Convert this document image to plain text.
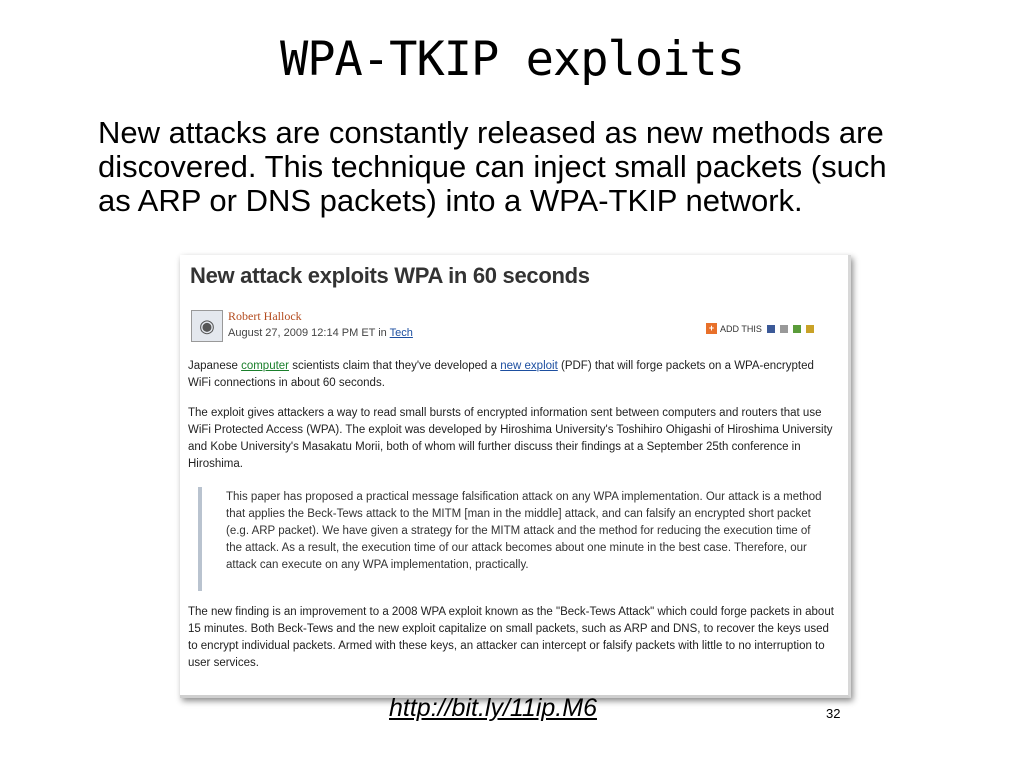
WPA-TKIP exploits
New attacks are constantly released as new methods are discovered. This technique can inject small packets (such as ARP or DNS packets) into a WPA-TKIP network.
New attack exploits WPA in 60 seconds
◉	Robert Hallock
August 27, 2009 12:14 PM ET in Tech	+ ADD THIS
Japanese computer scientists claim that they've developed a new exploit (PDF) that will forge packets on a WPA-encrypted WiFi connections in about 60 seconds.
The exploit gives attackers a way to read small bursts of encrypted information sent between computers and routers that use WiFi Protected Access (WPA). The exploit was developed by Hiroshima University's Toshihiro Ohigashi of Hiroshima University and Kobe University's Masakatu Morii, both of whom will further discuss their findings at a September 25th conference in Hiroshima.
This paper has proposed a practical message falsification attack on any WPA implementation. Our attack is a method that applies the Beck-Tews attack to the MITM [man in the middle] attack, and can falsify an encrypted short packet (e.g. ARP packet). We have given a strategy for the MITM attack and the method for reducing the execution time of the attack. As a result, the execution time of our attack becomes about one minute in the best case. Therefore, our attack can execute on any WPA implementation, practically.
The new finding is an improvement to a 2008 WPA exploit known as the "Beck-Tews Attack" which could forge packets in about 15 minutes. Both Beck-Tews and the new exploit capitalize on small packets, such as ARP and DNS, to recover the keys used to encrypt individual packets. Armed with these keys, an attacker can intercept or falsify packets with little to no interruption to user services.
http://bit.ly/11ip.M6	32
